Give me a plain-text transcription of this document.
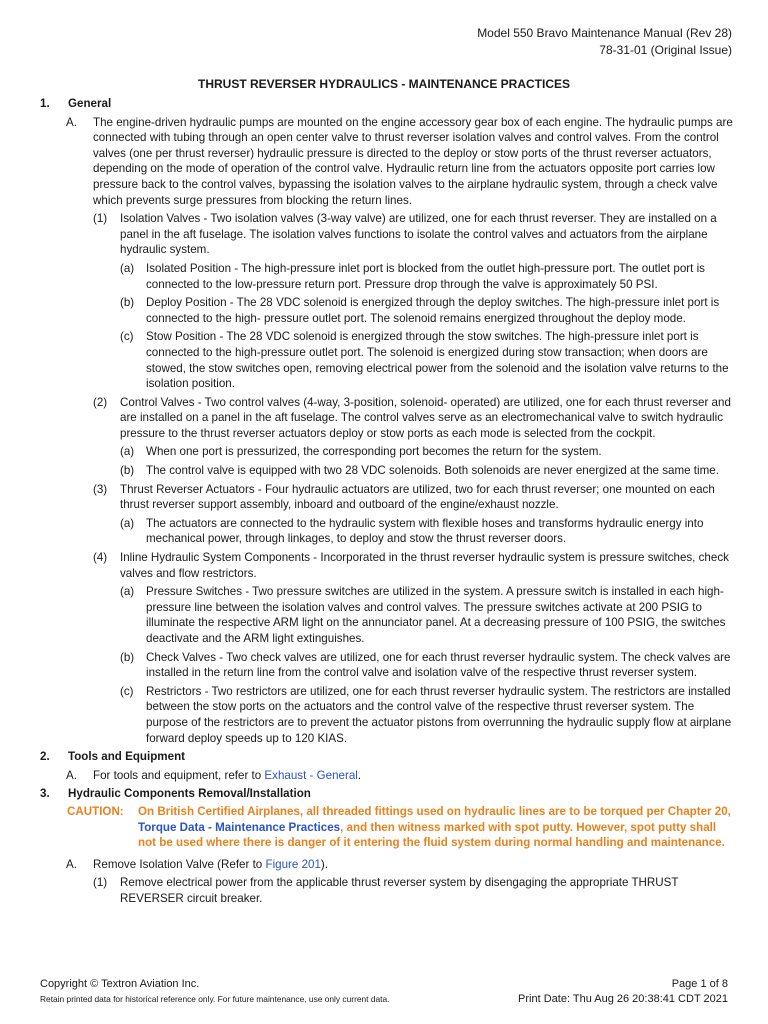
Model 550 Bravo Maintenance Manual (Rev 28)
78-31-01 (Original Issue)
THRUST REVERSER HYDRAULICS - MAINTENANCE PRACTICES
1.	General
A.	The engine-driven hydraulic pumps are mounted on the engine accessory gear box of each engine. The hydraulic pumps are connected with tubing through an open center valve to thrust reverser isolation valves and control valves. From the control valves (one per thrust reverser) hydraulic pressure is directed to the deploy or stow ports of the thrust reverser actuators, depending on the mode of operation of the control valve. Hydraulic return line from the actuators opposite port carries low pressure back to the control valves, bypassing the isolation valves to the airplane hydraulic system, through a check valve which prevents surge pressures from blocking the return lines.
(1)	Isolation Valves - Two isolation valves (3-way valve) are utilized, one for each thrust reverser. They are installed on a panel in the aft fuselage. The isolation valves functions to isolate the control valves and actuators from the airplane hydraulic system.
(a)	Isolated Position - The high-pressure inlet port is blocked from the outlet high-pressure port. The outlet port is connected to the low-pressure return port. Pressure drop through the valve is approximately 50 PSI.
(b)	Deploy Position - The 28 VDC solenoid is energized through the deploy switches. The high-pressure inlet port is connected to the high- pressure outlet port. The solenoid remains energized throughout the deploy mode.
(c)	Stow Position - The 28 VDC solenoid is energized through the stow switches. The high-pressure inlet port is connected to the high-pressure outlet port. The solenoid is energized during stow transaction; when doors are stowed, the stow switches open, removing electrical power from the solenoid and the isolation valve returns to the isolation position.
(2)	Control Valves - Two control valves (4-way, 3-position, solenoid- operated) are utilized, one for each thrust reverser and are installed on a panel in the aft fuselage. The control valves serve as an electromechanical valve to switch hydraulic pressure to the thrust reverser actuators deploy or stow ports as each mode is selected from the cockpit.
(a)	When one port is pressurized, the corresponding port becomes the return for the system.
(b)	The control valve is equipped with two 28 VDC solenoids. Both solenoids are never energized at the same time.
(3)	Thrust Reverser Actuators - Four hydraulic actuators are utilized, two for each thrust reverser; one mounted on each thrust reverser support assembly, inboard and outboard of the engine/exhaust nozzle.
(a)	The actuators are connected to the hydraulic system with flexible hoses and transforms hydraulic energy into mechanical power, through linkages, to deploy and stow the thrust reverser doors.
(4)	Inline Hydraulic System Components - Incorporated in the thrust reverser hydraulic system is pressure switches, check valves and flow restrictors.
(a)	Pressure Switches - Two pressure switches are utilized in the system. A pressure switch is installed in each high- pressure line between the isolation valves and control valves. The pressure switches activate at 200 PSIG to illuminate the respective ARM light on the annunciator panel. At a decreasing pressure of 100 PSIG, the switches deactivate and the ARM light extinguishes.
(b)	Check Valves - Two check valves are utilized, one for each thrust reverser hydraulic system. The check valves are installed in the return line from the control valve and isolation valve of the respective thrust reverser system.
(c)	Restrictors - Two restrictors are utilized, one for each thrust reverser hydraulic system. The restrictors are installed between the stow ports on the actuators and the control valve of the respective thrust reverser system. The purpose of the restrictors are to prevent the actuator pistons from overrunning the hydraulic supply flow at airplane forward deploy speeds up to 120 KIAS.
2.	Tools and Equipment
A.	For tools and equipment, refer to Exhaust - General.
3.	Hydraulic Components Removal/Installation
CAUTION:	On British Certified Airplanes, all threaded fittings used on hydraulic lines are to be torqued per Chapter 20, Torque Data - Maintenance Practices, and then witness marked with spot putty. However, spot putty shall not be used where there is danger of it entering the fluid system during normal handling and maintenance.
A.	Remove Isolation Valve (Refer to Figure 201).
(1)	Remove electrical power from the applicable thrust reverser system by disengaging the appropriate THRUST REVERSER circuit breaker.
Copyright © Textron Aviation Inc.
Retain printed data for historical reference only. For future maintenance, use only current data.
Page 1 of 8
Print Date: Thu Aug 26 20:38:41 CDT 2021
